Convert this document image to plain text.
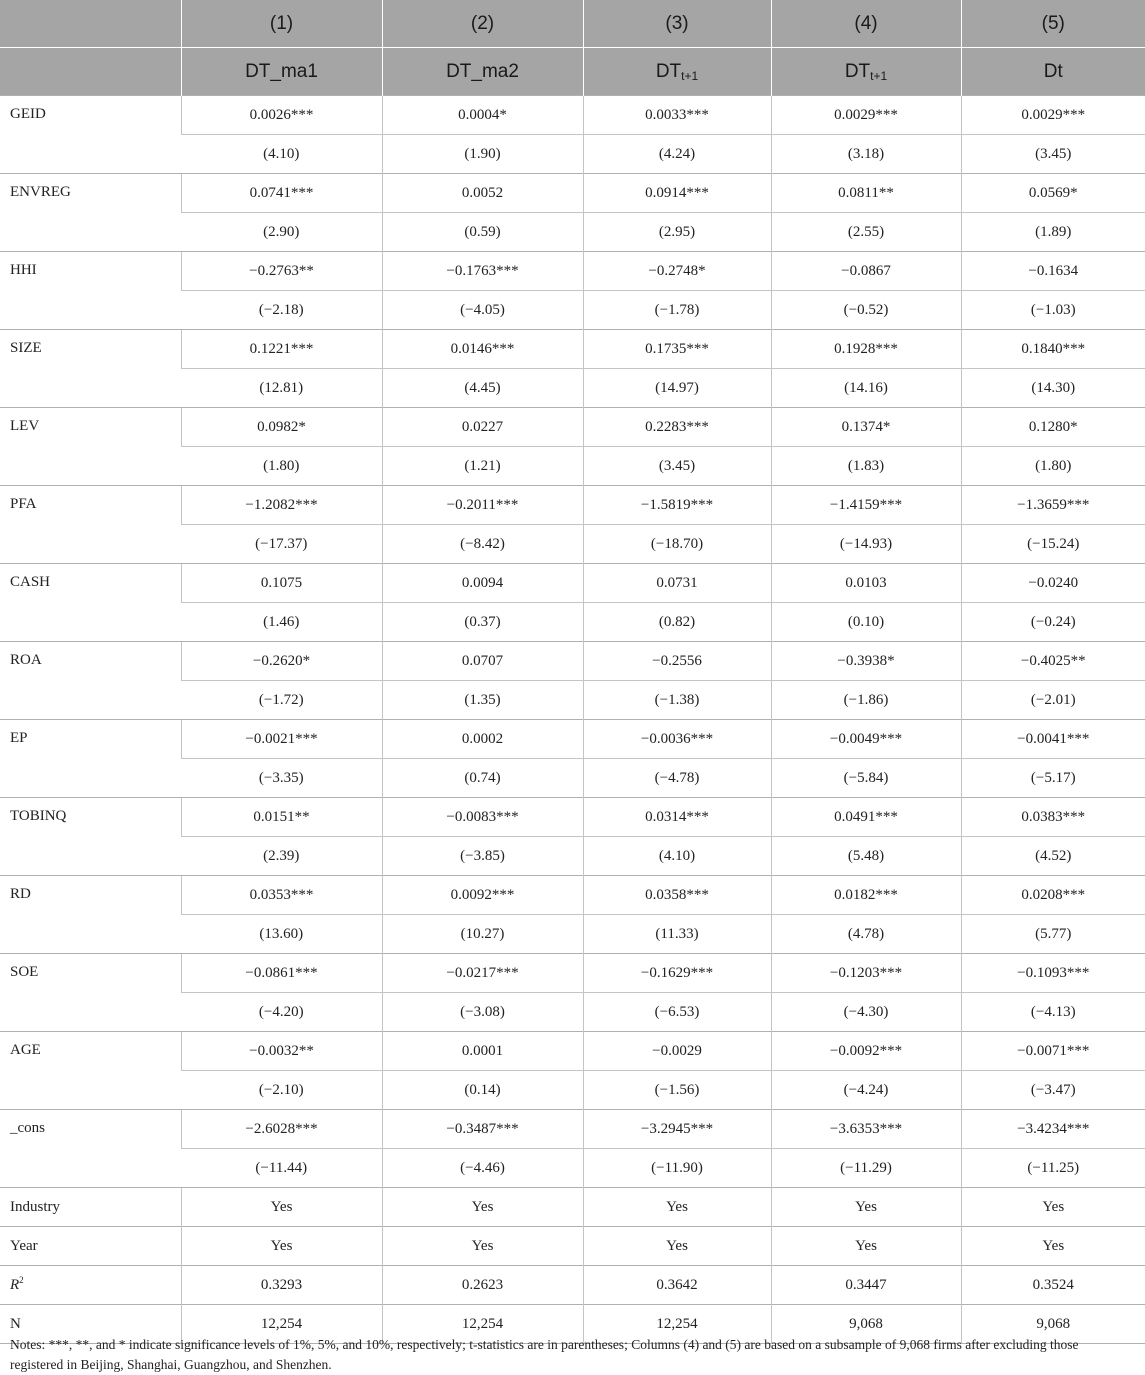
	(1)	(2)	(3)	(4)	(5)
	DT_ma1	DT_ma2	$DT_{t+1}$	$DT_{t+1}$	Dt
GEID	0.0026***	0.0004*	0.0033***	0.0029***	0.0029***
	(4.10)	(1.90)	(4.24)	(3.18)	(3.45)
ENVREG	0.0741***	0.0052	0.0914***	0.0811**	0.0569*
	(2.90)	(0.59)	(2.95)	(2.55)	(1.89)
HHI	−0.2763**	−0.1763***	−0.2748*	−0.0867	−0.1634
	(−2.18)	(−4.05)	(−1.78)	(−0.52)	(−1.03)
SIZE	0.1221***	0.0146***	0.1735***	0.1928***	0.1840***
	(12.81)	(4.45)	(14.97)	(14.16)	(14.30)
LEV	0.0982*	0.0227	0.2283***	0.1374*	0.1280*
	(1.80)	(1.21)	(3.45)	(1.83)	(1.80)
PFA	−1.2082***	−0.2011***	−1.5819***	−1.4159***	−1.3659***
	(−17.37)	(−8.42)	(−18.70)	(−14.93)	(−15.24)
CASH	0.1075	0.0094	0.0731	0.0103	−0.0240
	(1.46)	(0.37)	(0.82)	(0.10)	(−0.24)
ROA	−0.2620*	0.0707	−0.2556	−0.3938*	−0.4025**
	(−1.72)	(1.35)	(−1.38)	(−1.86)	(−2.01)
EP	−0.0021***	0.0002	−0.0036***	−0.0049***	−0.0041***
	(−3.35)	(0.74)	(−4.78)	(−5.84)	(−5.17)
TOBINQ	0.0151**	−0.0083***	0.0314***	0.0491***	0.0383***
	(2.39)	(−3.85)	(4.10)	(5.48)	(4.52)
RD	0.0353***	0.0092***	0.0358***	0.0182***	0.0208***
	(13.60)	(10.27)	(11.33)	(4.78)	(5.77)
SOE	−0.0861***	−0.0217***	−0.1629***	−0.1203***	−0.1093***
	(−4.20)	(−3.08)	(−6.53)	(−4.30)	(−4.13)
AGE	−0.0032**	0.0001	−0.0029	−0.0092***	−0.0071***
	(−2.10)	(0.14)	(−1.56)	(−4.24)	(−3.47)
_cons	−2.6028***	−0.3487***	−3.2945***	−3.6353***	−3.4234***
	(−11.44)	(−4.46)	(−11.90)	(−11.29)	(−11.25)
Industry	Yes	Yes	Yes	Yes	Yes
Year	Yes	Yes	Yes	Yes	Yes
$R^2$	0.3293	0.2623	0.3642	0.3447	0.3524
N	12,254	12,254	12,254	9,068	9,068
Notes: ***, **, and * indicate significance levels of 1%, 5%, and 10%, respectively; t-statistics are in parentheses; Columns (4) and (5) are based on a subsample of 9,068 firms after excluding those registered in Beijing, Shanghai, Guangzhou, and Shenzhen.
